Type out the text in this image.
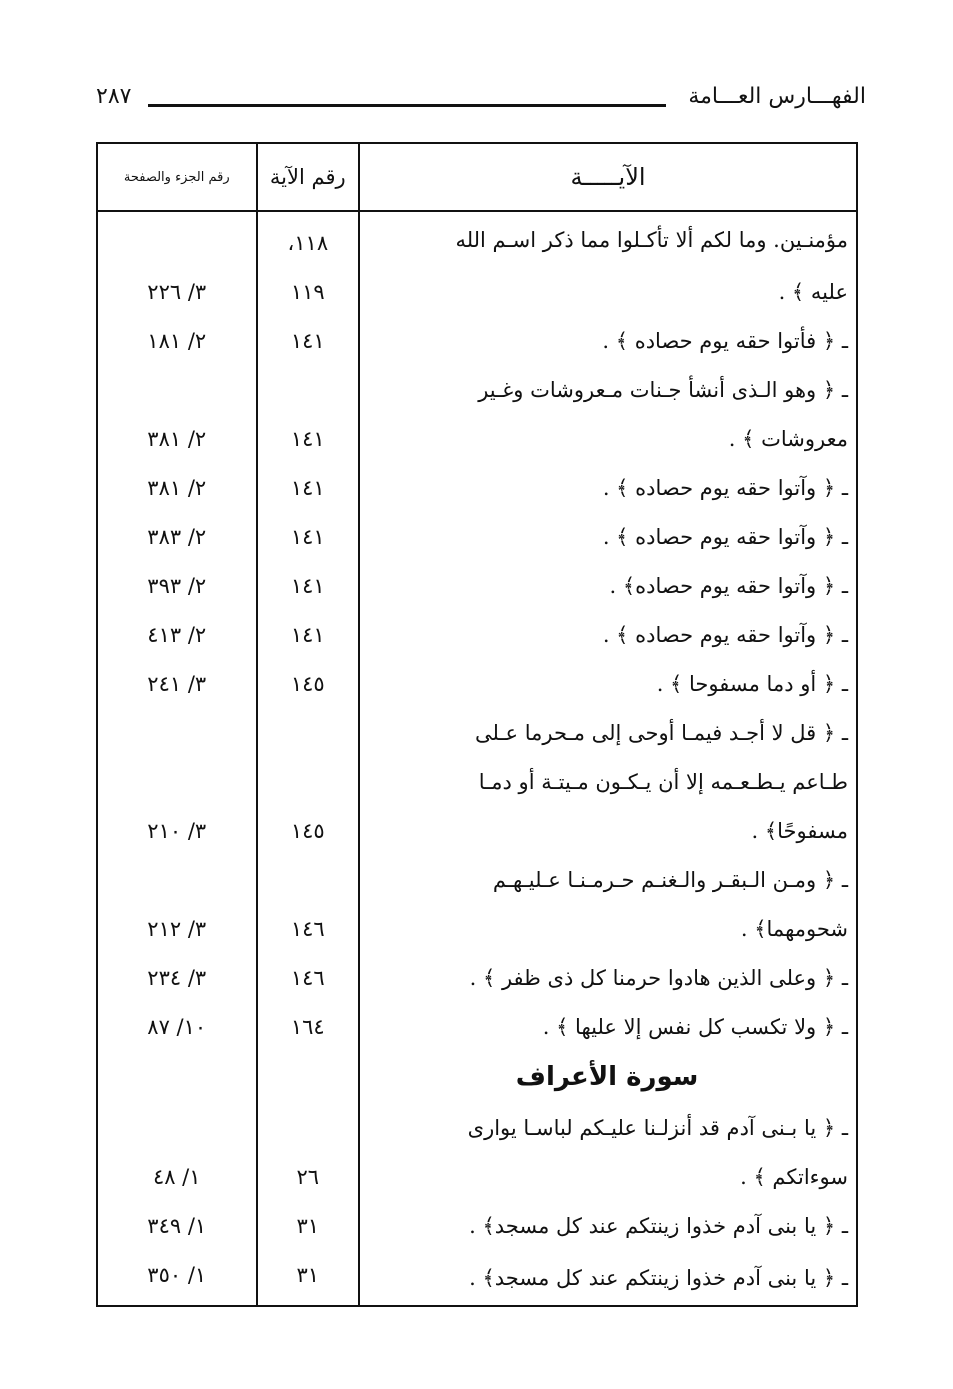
الفهـــارس العـــامة
٢٨٧
الآيـــــة	رقم الآية	رقم الجزء والصفحة
مؤمنـين. وما لكم ألا تأكـلوا مما ذكر اسـم الله	١١٨،	
عليه ﴾ .	١١٩	٣/ ٢٢٦
ـ ﴿ فأتوا حقه يوم حصاده ﴾ .	١٤١	٢/ ١٨١
ـ ﴿ وهو الـذى أنشأ جـنات مـعروشات وغـير		
معروشات ﴾ .	١٤١	٢/ ٣٨١
ـ ﴿ وآتوا حقه يوم حصاده ﴾ .	١٤١	٢/ ٣٨١
ـ ﴿ وآتوا حقه يوم حصاده ﴾ .	١٤١	٢/ ٣٨٣
ـ ﴿ وآتوا حقه يوم حصاده﴾ .	١٤١	٢/ ٣٩٣
ـ ﴿ وآتوا حقه يوم حصاده ﴾ .	١٤١	٢/ ٤١٣
ـ ﴿ أو دما مسفوحا ﴾ .	١٤٥	٣/ ٢٤١
ـ ﴿ قل لا أجـد فيمـا أوحى إلى مـحرما عـلى		
طـاعم يـطـعـمه إلا أن يـكـون مـيتـة أو دمـا		
مسفوحًا﴾ .	١٤٥	٣/ ٢١٠
ـ ﴿ ومـن الـبقـر والـغنـم حـرمـنـا عـليـهـم		
شحومهما﴾ .	١٤٦	٣/ ٢١٢
ـ ﴿ وعلى الذين هادوا حرمنا كل ذى ظفر ﴾ .	١٤٦	٣/ ٢٣٤
ـ ﴿ ولا تكسب كل نفس إلا عليها ﴾ .	١٦٤	١٠/ ٨٧
سورة الأعراف		
ـ ﴿ يا بـنى آدم قد أنزلـنا عليـكم لباسـا يوارى		
سوءاتكم ﴾ .	٢٦	١/ ٤٨
ـ ﴿ يا بنى آدم خذوا زينتكم عند كل مسجد﴾ .	٣١	١/ ٣٤٩
ـ ﴿ يا بنى آدم خذوا زينتكم عند كل مسجد﴾ .	٣١	١/ ٣٥٠
